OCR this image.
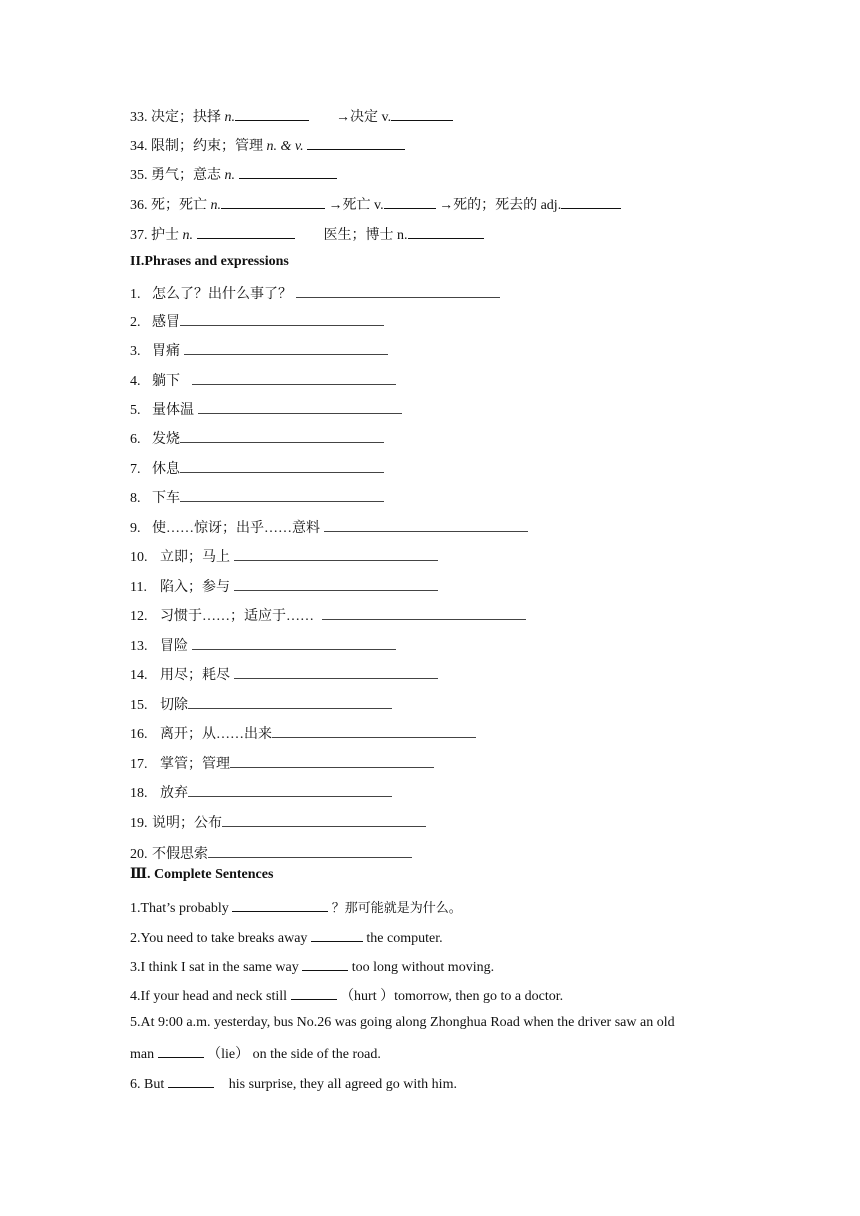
33. 决定；抉择 n.	→决定 v.
34. 限制；约束；管理 n. & v.
35. 勇气；意志 n.
36. 死；死亡 n.	→死亡 v.	→死的；死去的 adj.
37. 护士 n.	医生；博士 n.
II.Phrases and expressions
1. 怎么了？出什么事了？
2. 感冒
3. 胃痛
4. 躺下
5. 量体温
6. 发烧
7. 休息
8. 下车
9. 使……惊讶；出乎……意料
10. 立即；马上
11. 陷入；参与
12. 习惯于……；适应于……
13. 冒险
14. 用尽；耗尽
15. 切除
16. 离开；从……出来
17. 掌管；管理
18. 放弃
19. 说明；公布
20. 不假思索
Ⅲ. Complete Sentences
1.That’s probably	？那可能就是为什么。
2.You need to take breaks away	the computer.
3.I think I sat in the same way	too long without moving.
4.If your head and neck still	（hurt ）tomorrow, then go to a doctor.
5.At 9:00 a.m. yesterday, bus No.26 was going along Zhonghua Road when the driver saw an old
man	（lie） on the side of the road.
6. But	his surprise, they all agreed go with him.
